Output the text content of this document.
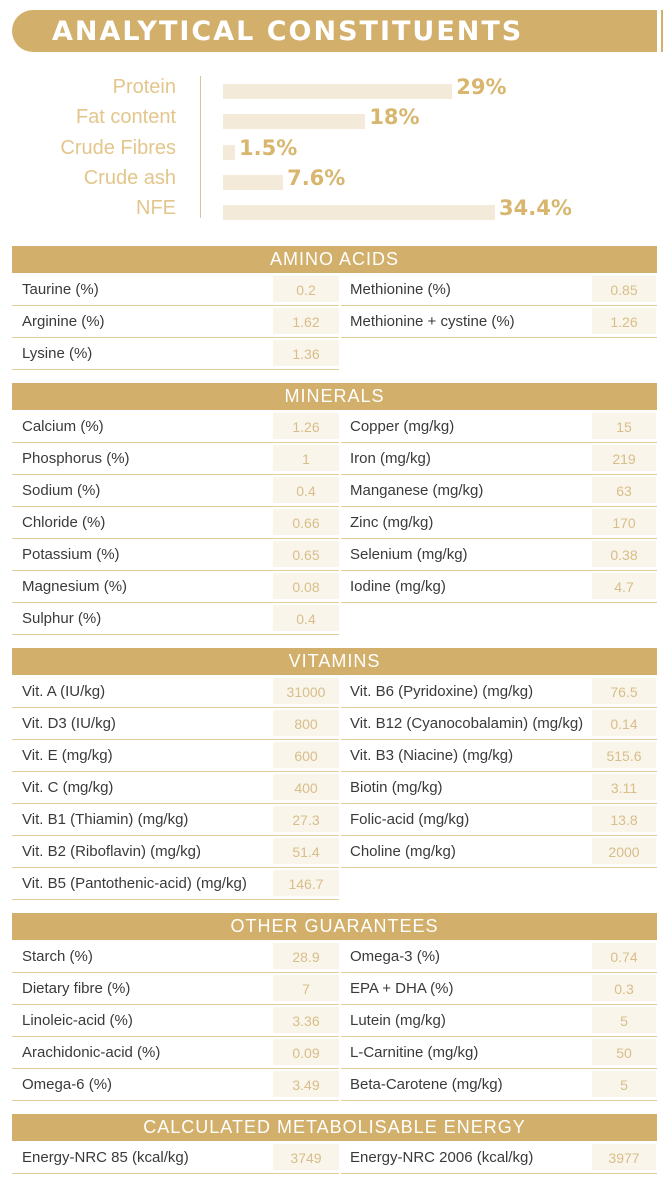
ANALYTICAL CONSTITUENTS
Protein	29%
Fat content	18%
Crude Fibres	1.5%
Crude ash	7.6%
NFE	34.4%
AMINO ACIDS
Taurine (%)	0.2
Arginine (%)	1.62
Lysine (%)	1.36
Methionine (%)	0.85
Methionine + cystine (%)	1.26
MINERALS
Calcium (%)	1.26
Phosphorus (%)	1
Sodium (%)	0.4
Chloride (%)	0.66
Potassium (%)	0.65
Magnesium (%)	0.08
Sulphur (%)	0.4
Copper (mg/kg)	15
Iron (mg/kg)	219
Manganese (mg/kg)	63
Zinc (mg/kg)	170
Selenium (mg/kg)	0.38
Iodine (mg/kg)	4.7
VITAMINS
Vit. A (IU/kg)	31000
Vit. D3 (IU/kg)	800
Vit. E (mg/kg)	600
Vit. C (mg/kg)	400
Vit. B1 (Thiamin) (mg/kg)	27.3
Vit. B2 (Riboflavin) (mg/kg)	51.4
Vit. B5 (Pantothenic-acid) (mg/kg)	146.7
Vit. B6 (Pyridoxine) (mg/kg)	76.5
Vit. B12 (Cyanocobalamin) (mg/kg)	0.14
Vit. B3 (Niacine) (mg/kg)	515.6
Biotin (mg/kg)	3.11
Folic-acid (mg/kg)	13.8
Choline (mg/kg)	2000
OTHER GUARANTEES
Starch (%)	28.9
Dietary fibre (%)	7
Linoleic-acid (%)	3.36
Arachidonic-acid (%)	0.09
Omega-6 (%)	3.49
Omega-3 (%)	0.74
EPA + DHA (%)	0.3
Lutein (mg/kg)	5
L-Carnitine (mg/kg)	50
Beta-Carotene (mg/kg)	5
CALCULATED METABOLISABLE ENERGY
Energy-NRC 85 (kcal/kg)	3749	Energy-NRC 2006 (kcal/kg)	3977
